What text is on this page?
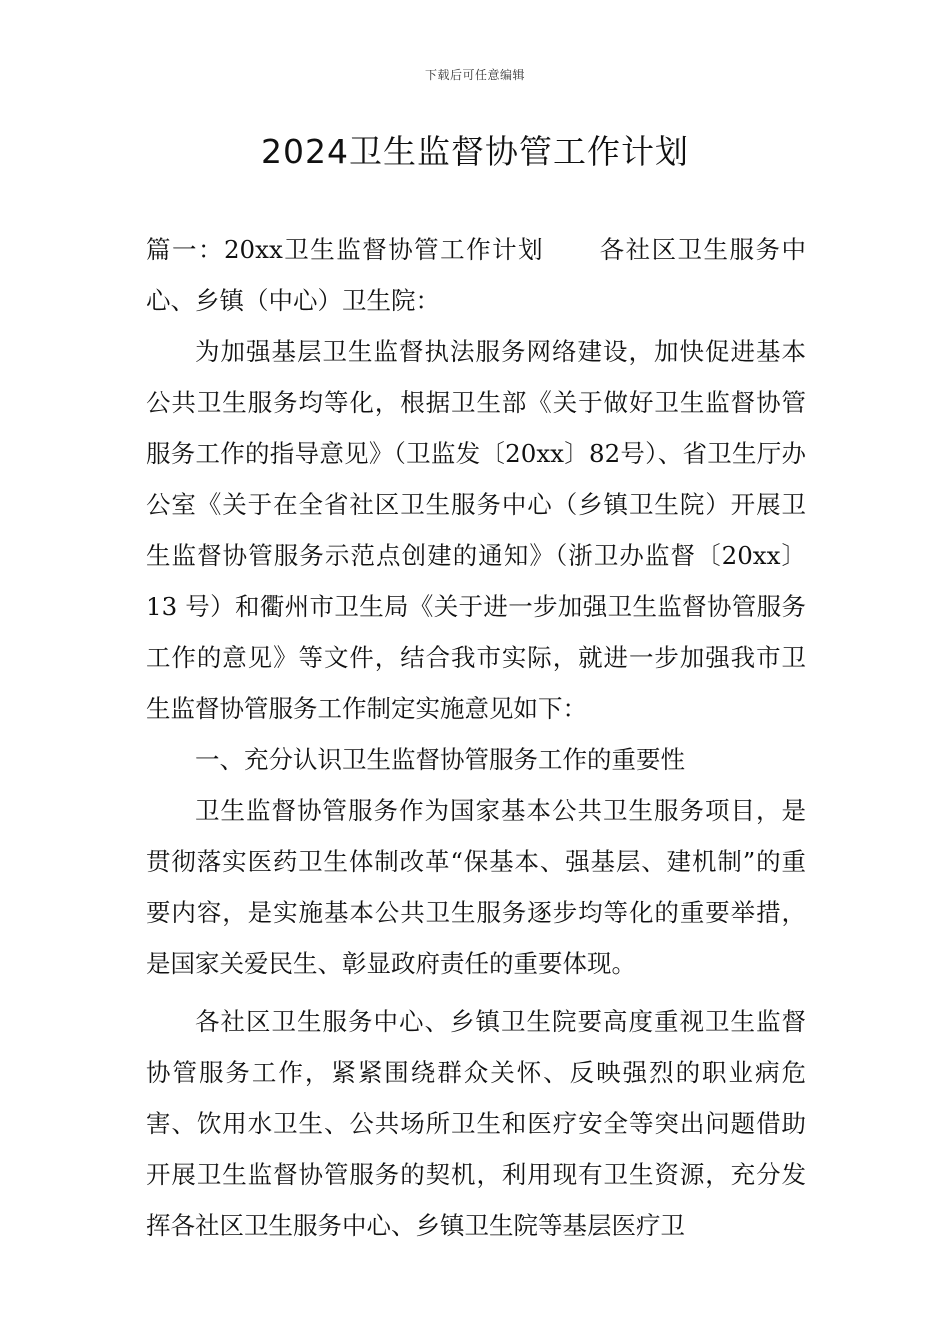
下载后可任意编辑
2024卫生监督协管工作计划

篇一：20xx卫生监督协管工作计划 各社区卫生服务中心、乡镇（中心）卫生院：

为加强基层卫生监督执法服务网络建设，加快促进基本公共卫生服务均等化，根据卫生部《关于做好卫生监督协管服务工作的指导意见》（卫监发〔20xx〕82号）、省卫生厅办公室《关于在全省社区卫生服务中心（乡镇卫生院）开展卫生监督协管服务示范点创建的通知》（浙卫办监督〔20xx〕13 号）和衢州市卫生局《关于进一步加强卫生监督协管服务工作的意见》等文件，结合我市实际，就进一步加强我市卫生监督协管服务工作制定实施意见如下：

一、充分认识卫生监督协管服务工作的重要性

卫生监督协管服务作为国家基本公共卫生服务项目，是贯彻落实医药卫生体制改革“保基本、强基层、建机制”的重要内容，是实施基本公共卫生服务逐步均等化的重要举措，是国家关爱民生、彰显政府责任的重要体现。

各社区卫生服务中心、乡镇卫生院要高度重视卫生监督协管服务工作，紧紧围绕群众关怀、反映强烈的职业病危害、饮用水卫生、公共场所卫生和医疗安全等突出问题借助开展卫生监督协管服务的契机，利用现有卫生资源，充分发挥各社区卫生服务中心、乡镇卫生院等基层医疗卫
